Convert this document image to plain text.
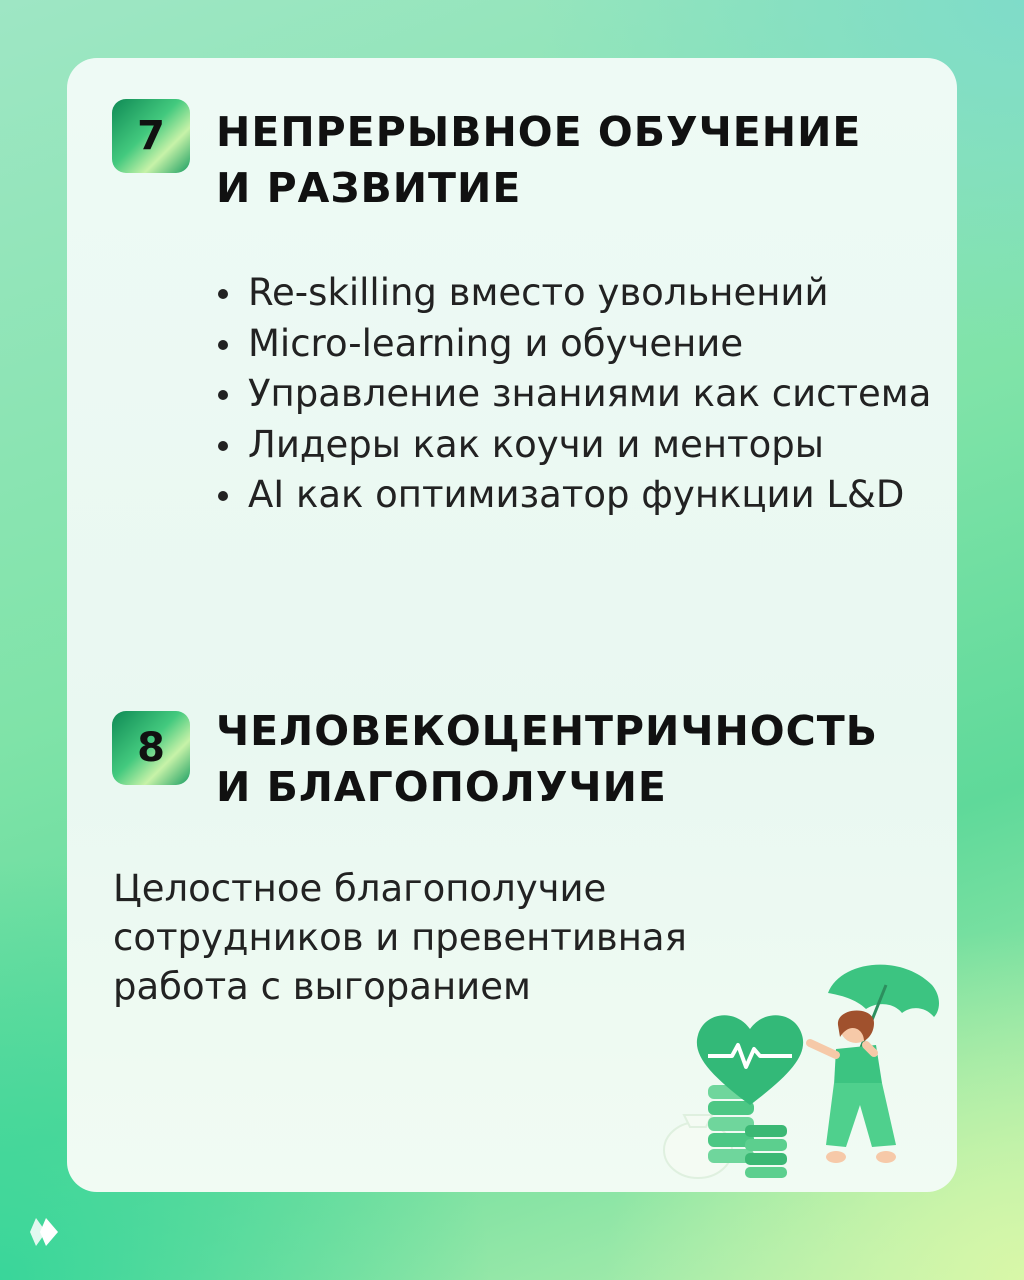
7	НЕПРЕРЫВНОЕ ОБУЧЕНИЕ
И РАЗВИТИЕ
Re-skilling вместо увольнений
Micro-learning и обучение
Управление знаниями как система
Лидеры как коучи и менторы
AI как оптимизатор функции L&D
8	ЧЕЛОВЕКОЦЕНТРИЧНОСТЬ
И БЛАГОПОЛУЧИЕ

Целостное благополучие сотрудников и превентивная работа с выгоранием
